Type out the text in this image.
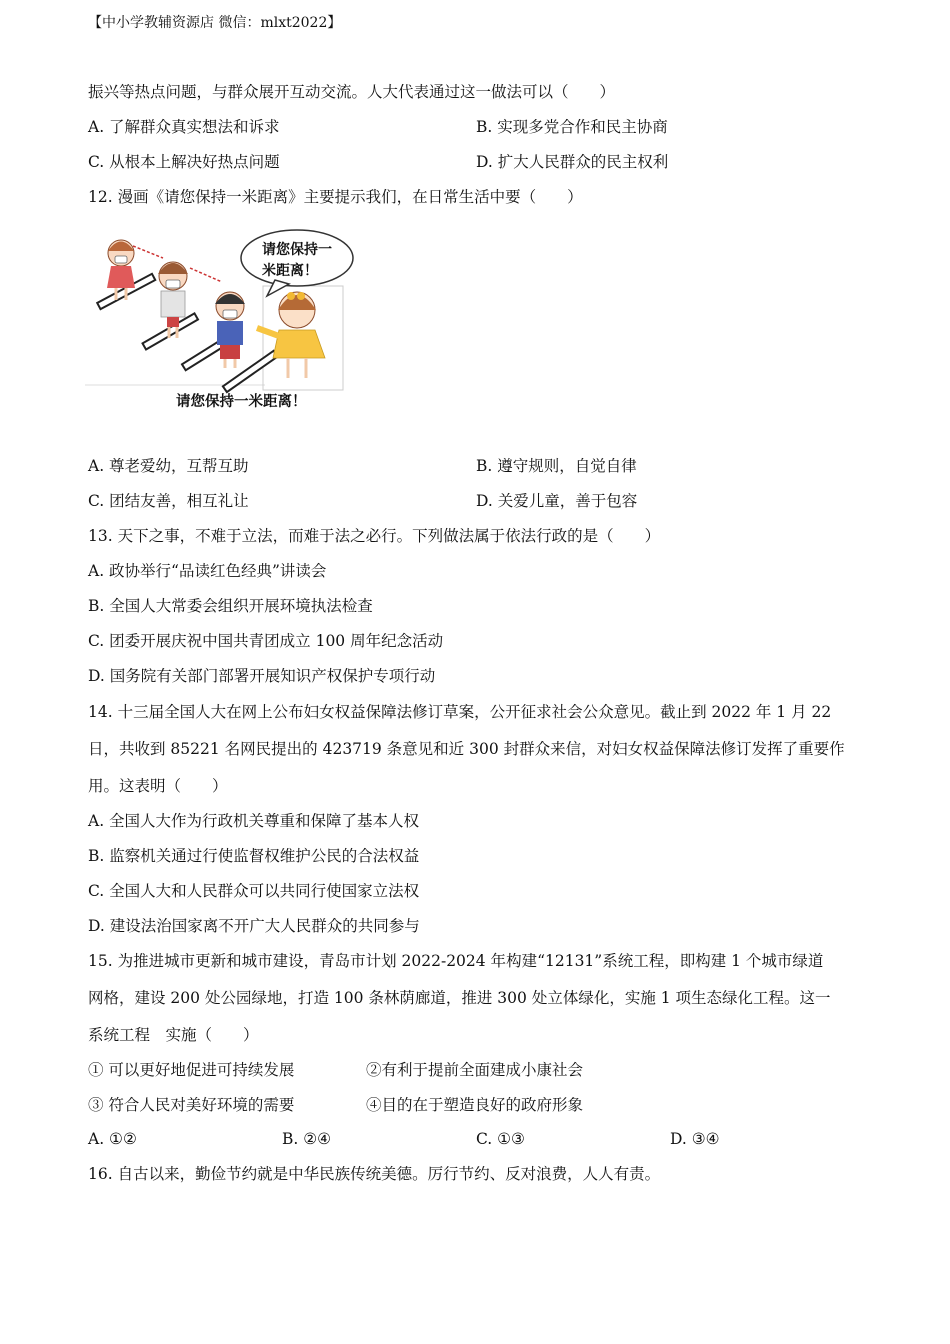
【中小学教辅资源店 微信：mlxt2022】
振兴等热点问题，与群众展开互动交流。人大代表通过这一做法可以（　　）
A. 了解群众真实想法和诉求	B. 实现多党合作和民主协商
C. 从根本上解决好热点问题	D. 扩大人民群众的民主权利
12. 漫画《请您保持一米距离》主要提示我们，在日常生活中要（　　）
请您保持一
米距离！
请您保持一米距离！
A. 尊老爱幼，互帮互助	B. 遵守规则，自觉自律
C. 团结友善，相互礼让	D. 关爱儿童，善于包容
13. 天下之事，不难于立法，而难于法之必行。下列做法属于依法行政的是（　　）
A. 政协举行“品读红色经典”讲读会
B. 全国人大常委会组织开展环境执法检查
C. 团委开展庆祝中国共青团成立 100 周年纪念活动
D. 国务院有关部门部署开展知识产权保护专项行动
14. 十三届全国人大在网上公布妇女权益保障法修订草案，公开征求社会公众意见。截止到 2022 年 1 月 22
日，共收到 85221 名网民提出的 423719 条意见和近 300 封群众来信，对妇女权益保障法修订发挥了重要作
用。这表明（　　）
A. 全国人大作为行政机关尊重和保障了基本人权
B. 监察机关通过行使监督权维护公民的合法权益
C. 全国人大和人民群众可以共同行使国家立法权
D. 建设法治国家离不开广大人民群众的共同参与
15. 为推进城市更新和城市建设，青岛市计划 2022-2024 年构建“12131”系统工程，即构建 1 个城市绿道
网格，建设 200 处公园绿地，打造 100 条林荫廊道，推进 300 处立体绿化，实施 1 项生态绿化工程。这一
系统工程　实施（　　）
① 可以更好地促进可持续发展	②有利于提前全面建成小康社会
③ 符合人民对美好环境的需要	④目的在于塑造良好的政府形象
A. ①②	B. ②④	C. ①③	D. ③④
16. 自古以来，勤俭节约就是中华民族传统美德。厉行节约、反对浪费，人人有责。
